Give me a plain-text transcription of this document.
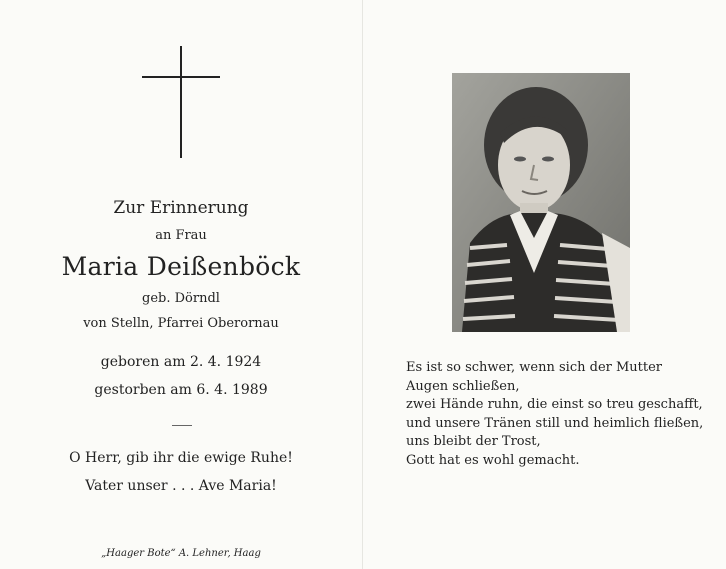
Zur Erinnerung
an Frau
Maria Deißenböck
geb. Dörndl
von Stelln, Pfarrei Oberornau
geboren am 2. 4. 1924
gestorben am 6. 4. 1989
O Herr, gib ihr die ewige Ruhe!
Vater unser . . . Ave Maria!
„Haager Bote“ A. Lehner, Haag
Es ist so schwer, wenn sich der Mutter
Augen schließen,
zwei Hände ruhn, die einst so treu geschafft,
und unsere Tränen still und heimlich fließen,
uns bleibt der Trost,
Gott hat es wohl gemacht.
